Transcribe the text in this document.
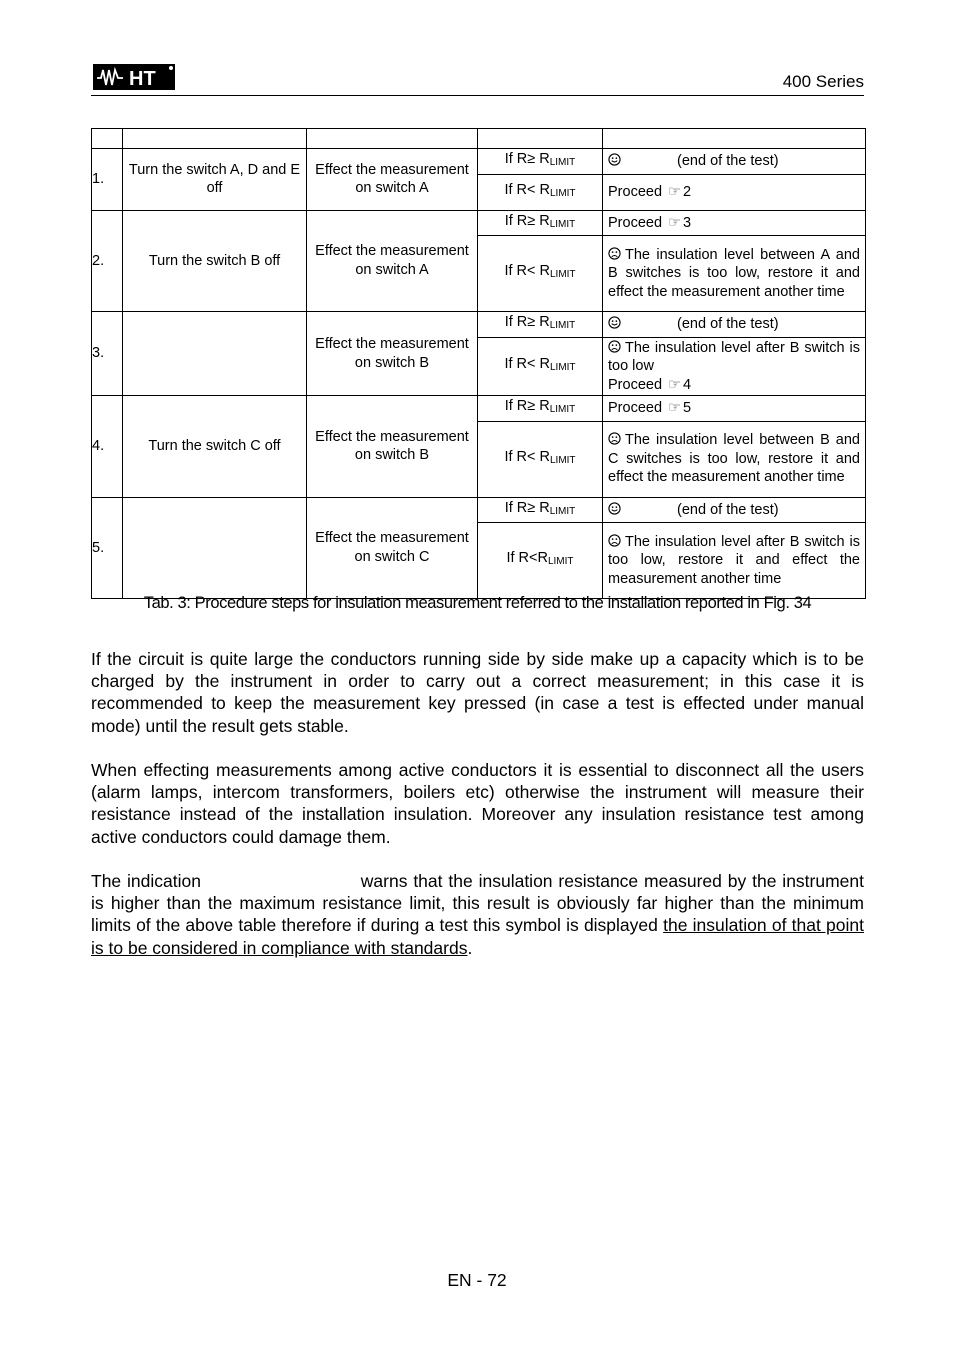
HT	400 Series

1.	Turn the switch A, D and E off	Effect the measurement on switch A	If $R\ge R_{LIMIT}$	(end of the test)
			If $R< R_{LIMIT}$	Proceed ☞ 2
2.	Turn the switch B off	Effect the measurement on switch A	If $R\ge R_{LIMIT}$	Proceed ☞ 3
			If $R< R_{LIMIT}$	The insulation level between A and B switches is too low, restore it and effect the measurement another time
3.		Effect the measurement on switch B	If $R\ge R_{LIMIT}$	(end of the test)
			If $R< R_{LIMIT}$	The insulation level after B switch is too low
Proceed ☞ 4
4.	Turn the switch C off	Effect the measurement on switch B	If $R\ge R_{LIMIT}$	Proceed ☞ 5
			If $R< R_{LIMIT}$	The insulation level between B and C switches is too low, restore it and effect the measurement another time
5.		Effect the measurement on switch C	If $R\ge R_{LIMIT}$	(end of the test)
			If $R<R_{LIMIT}$	The insulation level after B switch is too low, restore it and effect the measurement another time
Tab. 3: Procedure steps for insulation measurement referred to the installation reported in Fig. 34
If the circuit is quite large the conductors running side by side make up a capacity which is to be charged by the instrument in order to carry out a correct measurement; in this case it is recommended to keep the measurement key pressed (in case a test is effected under manual mode) until the result gets stable.
When effecting measurements among active conductors it is essential to disconnect all the users (alarm lamps, intercom transformers, boilers etc) otherwise the instrument will measure their resistance instead of the installation insulation. Moreover any insulation resistance test among active conductors could damage them.
The indication	warns that the insulation resistance measured by the instrument is higher than the maximum resistance limit, this result is obviously far higher than the minimum limits of the above table therefore if during a test this symbol is displayed the insulation of that point is to be considered in compliance with standards.
EN - 72
